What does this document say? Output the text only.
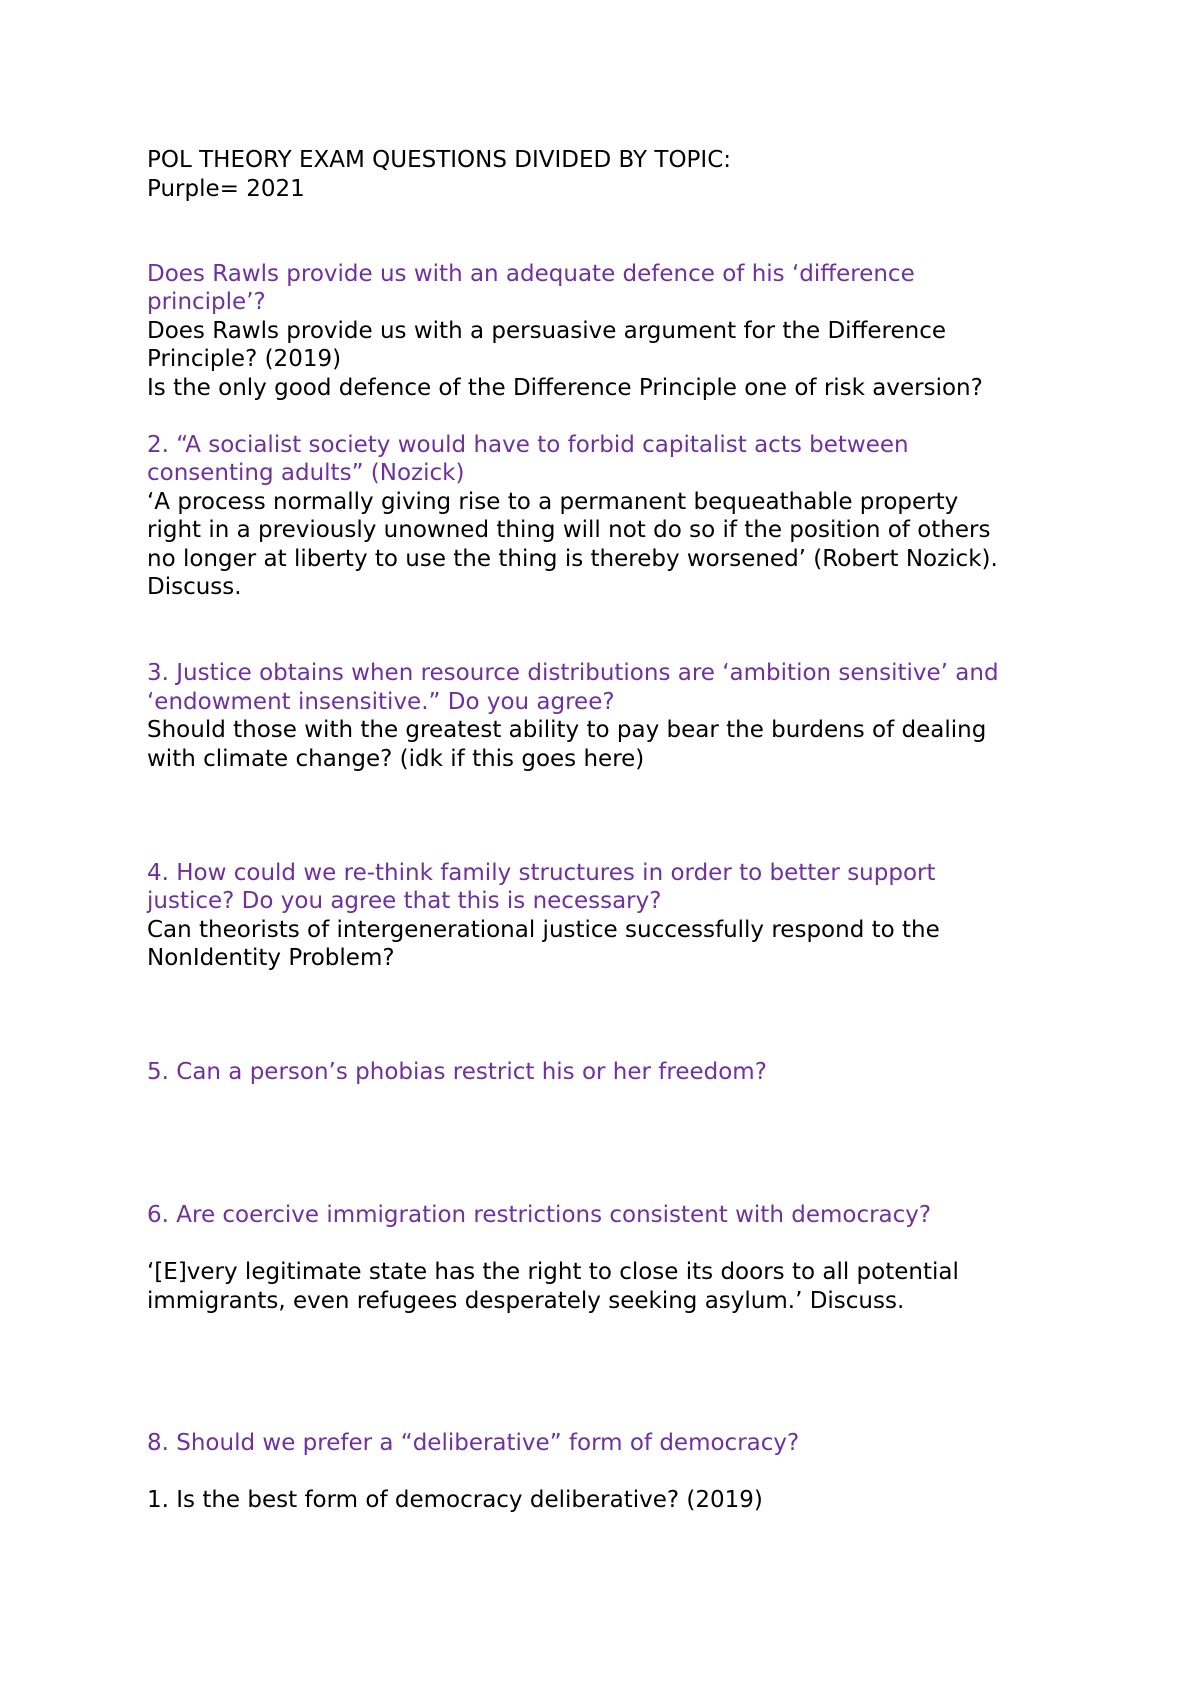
POL THEORY EXAM QUESTIONS DIVIDED BY TOPIC:
Purple= 2021
Does Rawls provide us with an adequate defence of his ‘difference
principle’?
Does Rawls provide us with a persuasive argument for the Difference
Principle? (2019)
Is the only good defence of the Difference Principle one of risk aversion?
2. “A socialist society would have to forbid capitalist acts between
consenting adults” (Nozick)
‘A process normally giving rise to a permanent bequeathable property
right in a previously unowned thing will not do so if the position of others
no longer at liberty to use the thing is thereby worsened’ (Robert Nozick).
Discuss.
3. Justice obtains when resource distributions are ‘ambition sensitive’ and
‘endowment insensitive.” Do you agree?
Should those with the greatest ability to pay bear the burdens of dealing
with climate change? (idk if this goes here)
4. How could we re-think family structures in order to better support
justice? Do you agree that this is necessary?
Can theorists of intergenerational justice successfully respond to the
NonIdentity Problem?
5. Can a person’s phobias restrict his or her freedom?
6. Are coercive immigration restrictions consistent with democracy?
‘[E]very legitimate state has the right to close its doors to all potential
immigrants, even refugees desperately seeking asylum.’ Discuss.
8. Should we prefer a “deliberative” form of democracy?
1. Is the best form of democracy deliberative? (2019)
